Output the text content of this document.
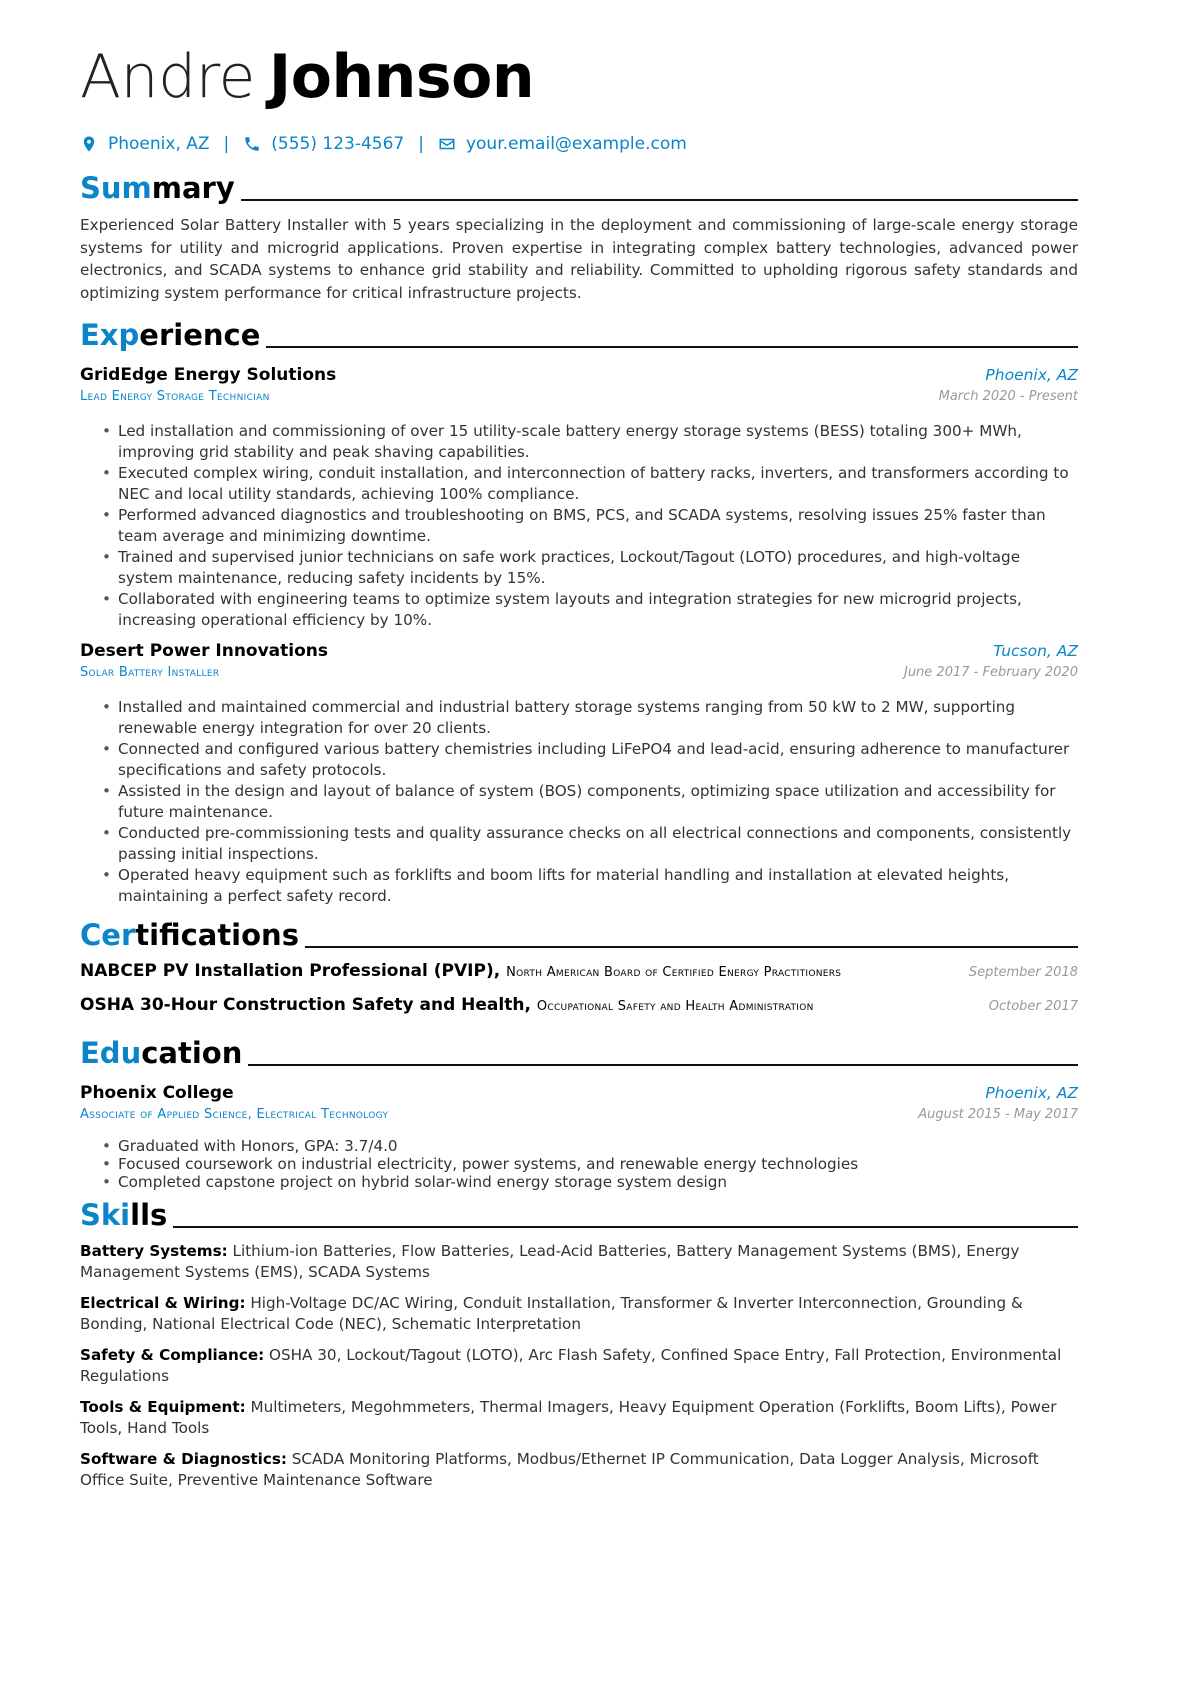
Andre Johnson
Phoenix, AZ | (555) 123-4567 | your.email@example.com
Summary
Experienced Solar Battery Installer with 5 years specializing in the deployment and commissioning of large-scale energy storage systems for utility and microgrid applications. Proven expertise in integrating complex battery technologies, advanced power electronics, and SCADA systems to enhance grid stability and reliability. Committed to upholding rigorous safety standards and optimizing system performance for critical infrastructure projects.
Experience
GridEdge Energy Solutions	Phoenix, AZ
Lead Energy Storage Technician	March 2020 - Present
• Led installation and commissioning of over 15 utility-scale battery energy storage systems (BESS) totaling 300+ MWh, improving grid stability and peak shaving capabilities.
• Executed complex wiring, conduit installation, and interconnection of battery racks, inverters, and transformers according to NEC and local utility standards, achieving 100% compliance.
• Performed advanced diagnostics and troubleshooting on BMS, PCS, and SCADA systems, resolving issues 25% faster than team average and minimizing downtime.
• Trained and supervised junior technicians on safe work practices, Lockout/Tagout (LOTO) procedures, and high-voltage system maintenance, reducing safety incidents by 15%.
• Collaborated with engineering teams to optimize system layouts and integration strategies for new microgrid projects, increasing operational efficiency by 10%.
Desert Power Innovations	Tucson, AZ
Solar Battery Installer	June 2017 - February 2020
• Installed and maintained commercial and industrial battery storage systems ranging from 50 kW to 2 MW, supporting renewable energy integration for over 20 clients.
• Connected and configured various battery chemistries including LiFePO4 and lead-acid, ensuring adherence to manufacturer specifications and safety protocols.
• Assisted in the design and layout of balance of system (BOS) components, optimizing space utilization and accessibility for future maintenance.
• Conducted pre-commissioning tests and quality assurance checks on all electrical connections and components, consistently passing initial inspections.
• Operated heavy equipment such as forklifts and boom lifts for material handling and installation at elevated heights, maintaining a perfect safety record.
Certifications
NABCEP PV Installation Professional (PVIP), North American Board of Certified Energy Practitioners	September 2018
OSHA 30-Hour Construction Safety and Health, Occupational Safety and Health Administration	October 2017
Education
Phoenix College	Phoenix, AZ
Associate of Applied Science, Electrical Technology	August 2015 - May 2017
• Graduated with Honors, GPA: 3.7/4.0
• Focused coursework on industrial electricity, power systems, and renewable energy technologies
• Completed capstone project on hybrid solar-wind energy storage system design
Skills
Battery Systems: Lithium-ion Batteries, Flow Batteries, Lead-Acid Batteries, Battery Management Systems (BMS), Energy Management Systems (EMS), SCADA Systems
Electrical & Wiring: High-Voltage DC/AC Wiring, Conduit Installation, Transformer & Inverter Interconnection, Grounding & Bonding, National Electrical Code (NEC), Schematic Interpretation
Safety & Compliance: OSHA 30, Lockout/Tagout (LOTO), Arc Flash Safety, Confined Space Entry, Fall Protection, Environmental Regulations
Tools & Equipment: Multimeters, Megohmmeters, Thermal Imagers, Heavy Equipment Operation (Forklifts, Boom Lifts), Power Tools, Hand Tools
Software & Diagnostics: SCADA Monitoring Platforms, Modbus/Ethernet IP Communication, Data Logger Analysis, Microsoft Office Suite, Preventive Maintenance Software
